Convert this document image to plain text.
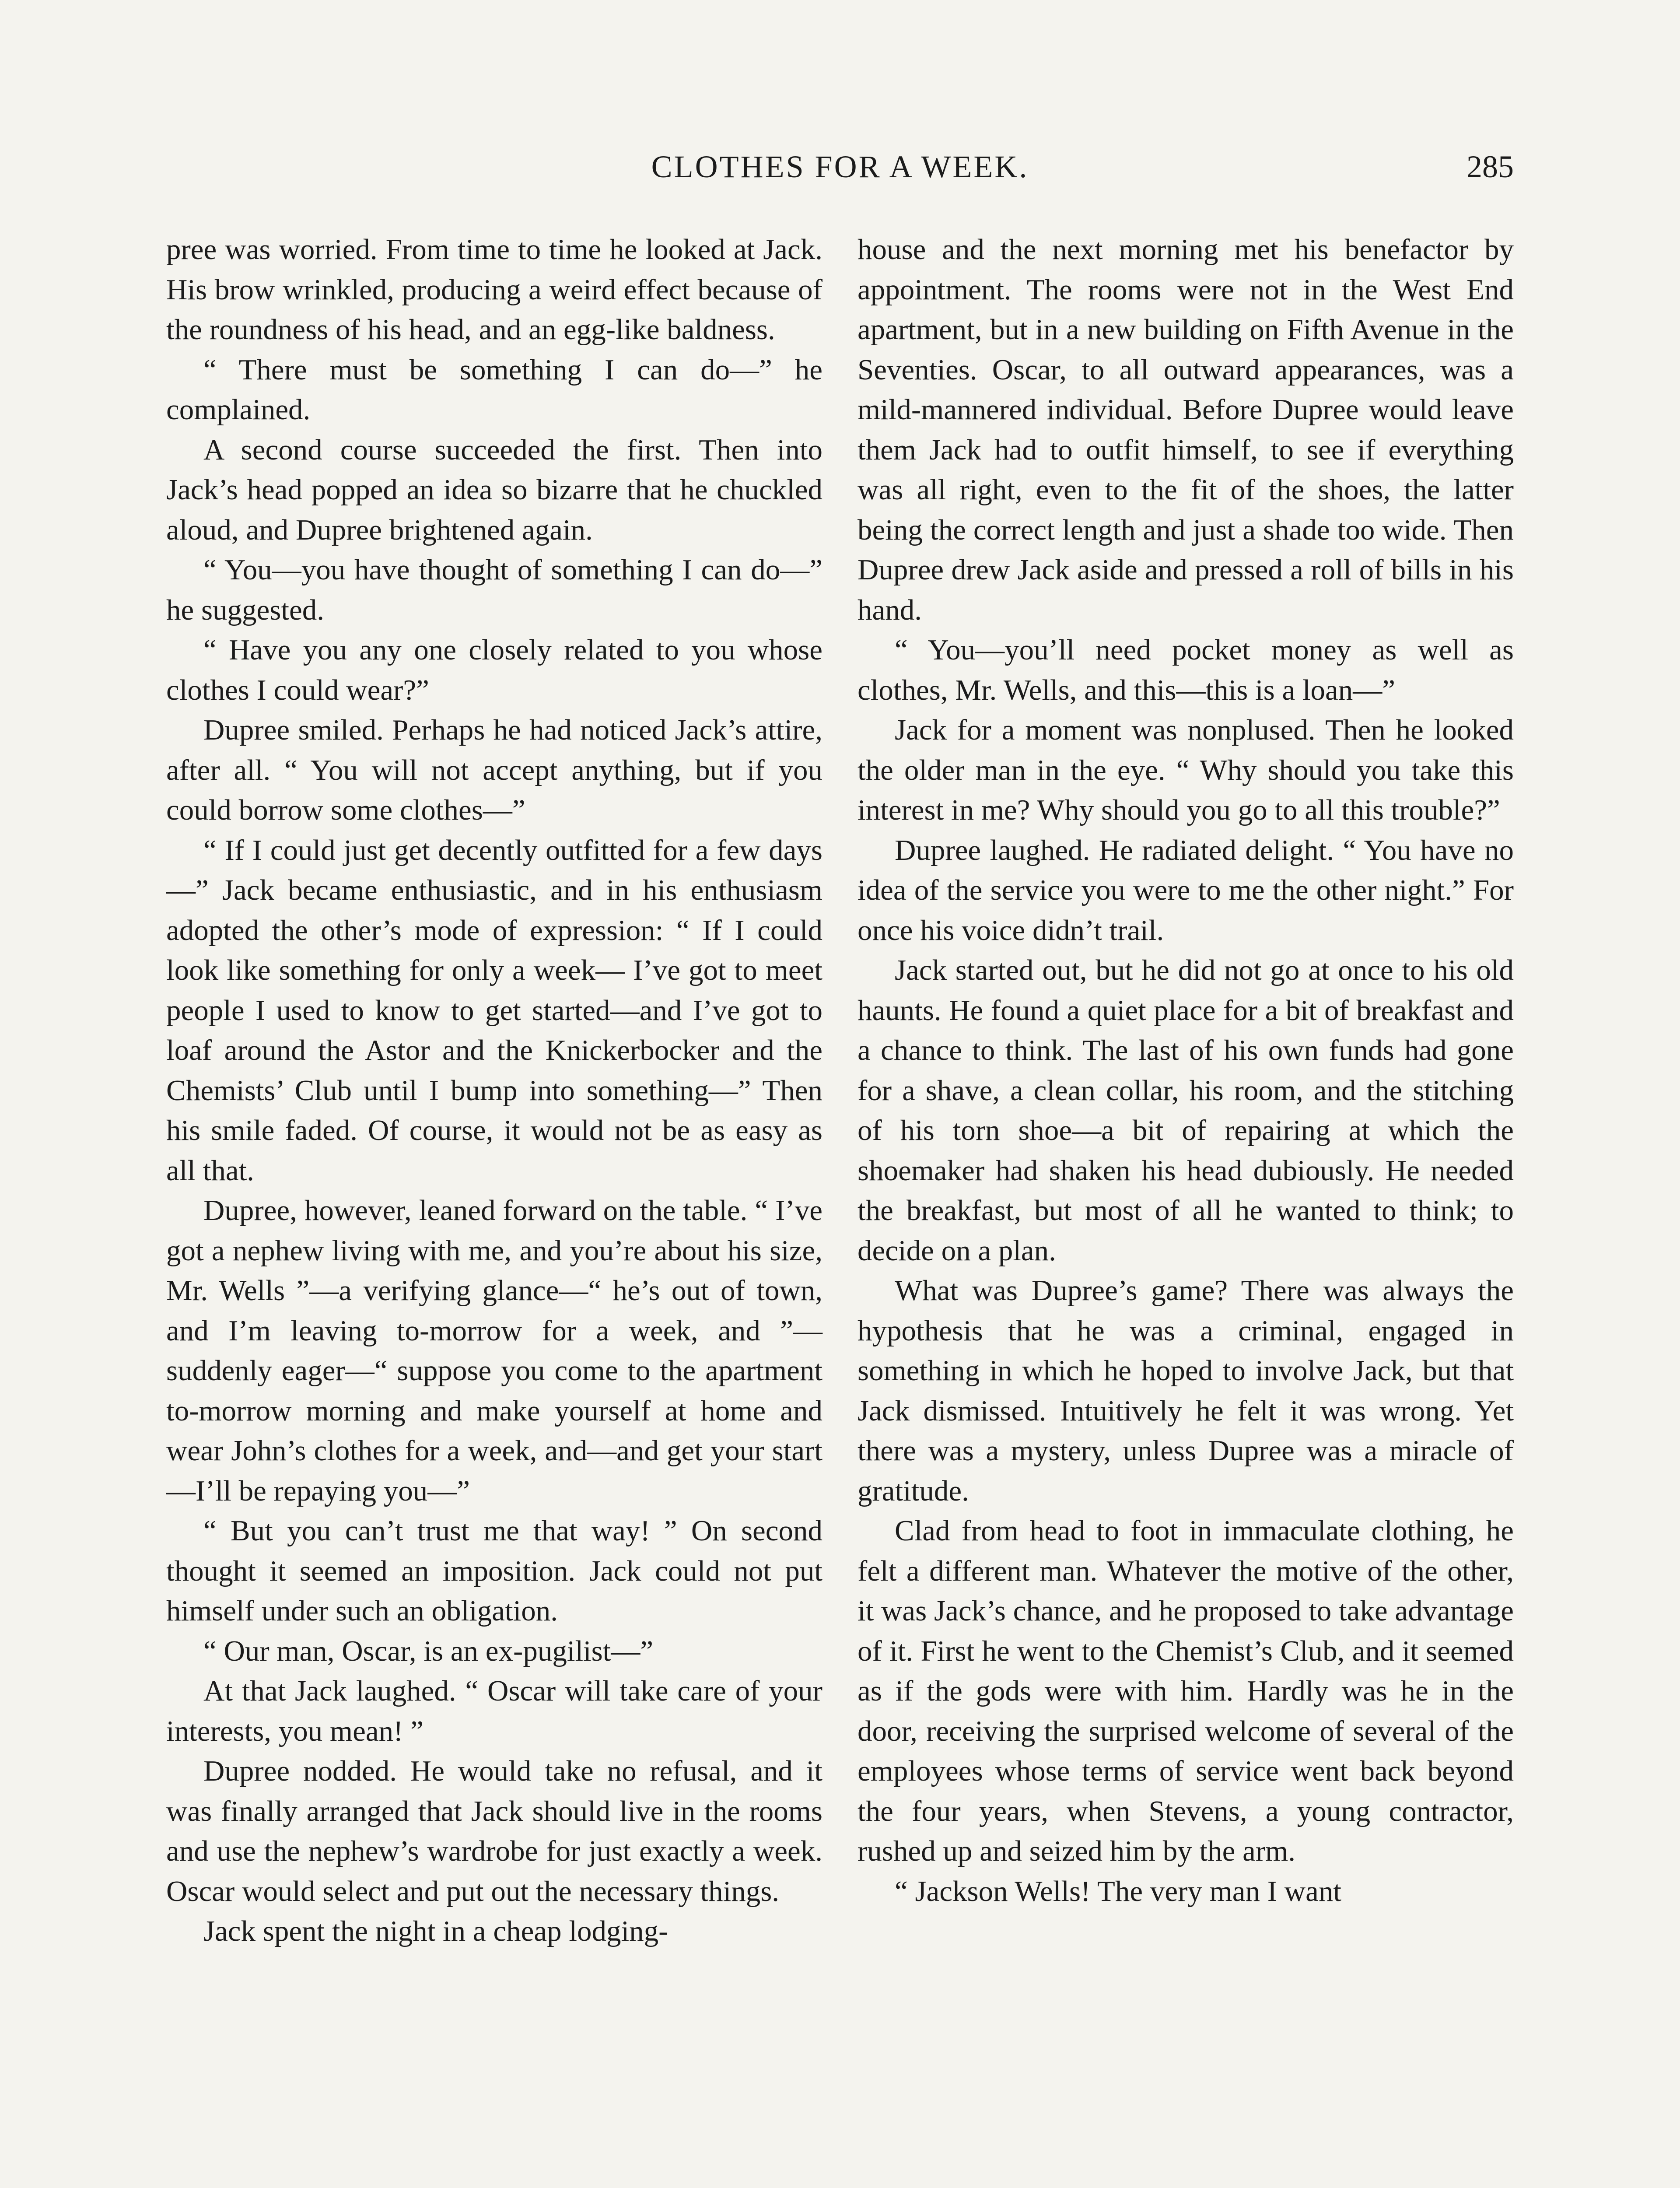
CLOTHES FOR A WEEK.	285

pree was worried. From time to time he looked at Jack. His brow wrinkled, producing a weird effect because of the roundness of his head, and an egg-like baldness.

“ There must be something I can do—” he complained.

A second course succeeded the first. Then into Jack’s head popped an idea so bizarre that he chuckled aloud, and Dupree brightened again.

“ You—you have thought of something I can do—” he suggested.

“ Have you any one closely related to you whose clothes I could wear?”

Dupree smiled. Perhaps he had noticed Jack’s attire, after all. “ You will not accept anything, but if you could borrow some clothes—”

“ If I could just get decently outfitted for a few days—” Jack became enthusiastic, and in his enthusiasm adopted the other’s mode of expression: “ If I could look like something for only a week— I’ve got to meet people I used to know to get started—and I’ve got to loaf around the Astor and the Knickerbocker and the Chemists’ Club until I bump into something—” Then his smile faded. Of course, it would not be as easy as all that.

Dupree, however, leaned forward on the table. “ I’ve got a nephew living with me, and you’re about his size, Mr. Wells ”—a verifying glance—“ he’s out of town, and I’m leaving to-morrow for a week, and ”—suddenly eager—“ suppose you come to the apartment to-morrow morning and make yourself at home and wear John’s clothes for a week, and—and get your start—I’ll be repaying you—”

“ But you can’t trust me that way! ” On second thought it seemed an imposition. Jack could not put himself under such an obligation.

“ Our man, Oscar, is an ex-pugilist—”

At that Jack laughed. “ Oscar will take care of your interests, you mean! ”

Dupree nodded. He would take no refusal, and it was finally arranged that Jack should live in the rooms and use the nephew’s wardrobe for just exactly a week. Oscar would select and put out the necessary things.

Jack spent the night in a cheap lodging-

house and the next morning met his benefactor by appointment. The rooms were not in the West End apartment, but in a new building on Fifth Avenue in the Seventies. Oscar, to all outward appearances, was a mild-mannered individual. Before Dupree would leave them Jack had to outfit himself, to see if everything was all right, even to the fit of the shoes, the latter being the correct length and just a shade too wide. Then Dupree drew Jack aside and pressed a roll of bills in his hand.

“ You—you’ll need pocket money as well as clothes, Mr. Wells, and this—this is a loan—”

Jack for a moment was nonplused. Then he looked the older man in the eye. “ Why should you take this interest in me? Why should you go to all this trouble?”

Dupree laughed. He radiated delight. “ You have no idea of the service you were to me the other night.” For once his voice didn’t trail.

Jack started out, but he did not go at once to his old haunts. He found a quiet place for a bit of breakfast and a chance to think. The last of his own funds had gone for a shave, a clean collar, his room, and the stitching of his torn shoe—a bit of repairing at which the shoemaker had shaken his head dubiously. He needed the breakfast, but most of all he wanted to think; to decide on a plan.

What was Dupree’s game? There was always the hypothesis that he was a criminal, engaged in something in which he hoped to involve Jack, but that Jack dismissed. Intuitively he felt it was wrong. Yet there was a mystery, unless Dupree was a miracle of gratitude.

Clad from head to foot in immaculate clothing, he felt a different man. Whatever the motive of the other, it was Jack’s chance, and he proposed to take advantage of it. First he went to the Chemist’s Club, and it seemed as if the gods were with him. Hardly was he in the door, receiving the surprised welcome of several of the employees whose terms of service went back beyond the four years, when Stevens, a young contractor, rushed up and seized him by the arm.

“ Jackson Wells! The very man I want
